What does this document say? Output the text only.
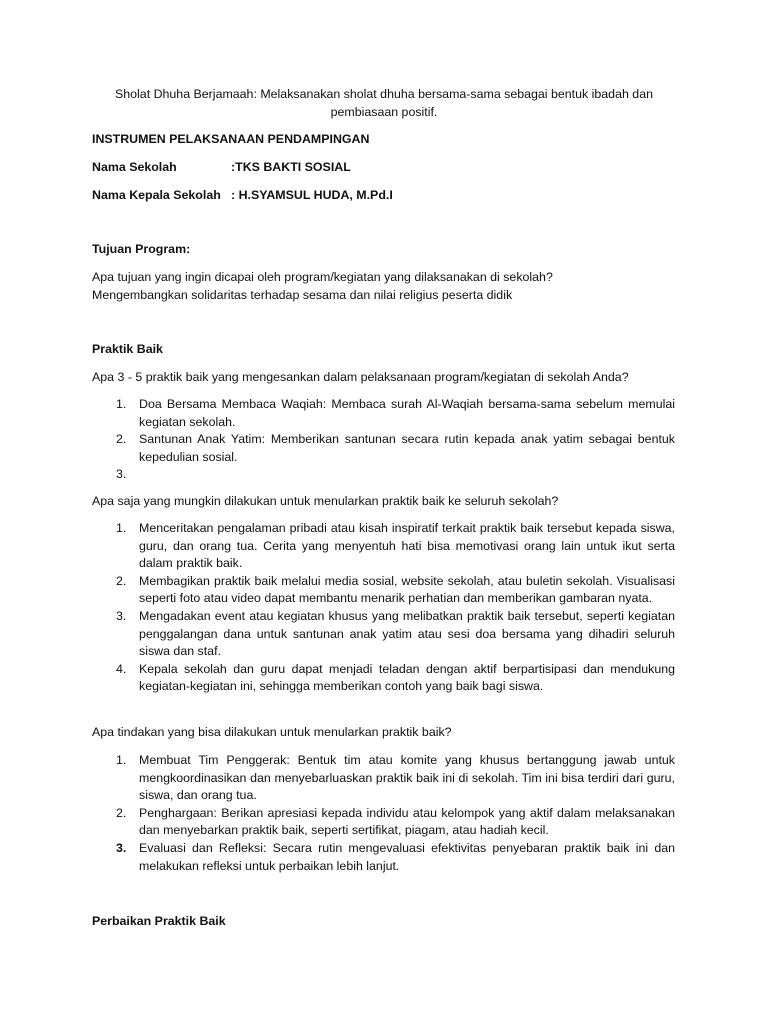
Sholat Dhuha Berjamaah: Melaksanakan sholat dhuha bersama-sama sebagai bentuk ibadah dan pembiasaan positif.

INSTRUMEN PELAKSANAAN PENDAMPINGAN

Nama Sekolah	:TKS BAKTI SOSIAL

Nama Kepala Sekolah : H.SYAMSUL HUDA, M.Pd.I

Tujuan Program:

Apa tujuan yang ingin dicapai oleh program/kegiatan yang dilaksanakan di sekolah?

Mengembangkan solidaritas terhadap sesama dan nilai religius peserta didik

Praktik Baik

Apa 3 - 5 praktik baik yang mengesankan dalam pelaksanaan program/kegiatan di sekolah Anda?

1.	Doa Bersama Membaca Waqiah: Membaca surah Al-Waqiah bersama-sama sebelum memulai kegiatan sekolah.
2.	Santunan Anak Yatim: Memberikan santunan secara rutin kepada anak yatim sebagai bentuk kepedulian sosial.
3.

Apa saja yang mungkin dilakukan untuk menularkan praktik baik ke seluruh sekolah?

1.	Menceritakan pengalaman pribadi atau kisah inspiratif terkait praktik baik tersebut kepada siswa, guru, dan orang tua. Cerita yang menyentuh hati bisa memotivasi orang lain untuk ikut serta dalam praktik baik.
2.	Membagikan praktik baik melalui media sosial, website sekolah, atau buletin sekolah. Visualisasi seperti foto atau video dapat membantu menarik perhatian dan memberikan gambaran nyata.
3.	Mengadakan event atau kegiatan khusus yang melibatkan praktik baik tersebut, seperti kegiatan penggalangan dana untuk santunan anak yatim atau sesi doa bersama yang dihadiri seluruh siswa dan staf.
4.	Kepala sekolah dan guru dapat menjadi teladan dengan aktif berpartisipasi dan mendukung kegiatan-kegiatan ini, sehingga memberikan contoh yang baik bagi siswa.

Apa tindakan yang bisa dilakukan untuk menularkan praktik baik?

1.	Membuat Tim Penggerak: Bentuk tim atau komite yang khusus bertanggung jawab untuk mengkoordinasikan dan menyebarluaskan praktik baik ini di sekolah. Tim ini bisa terdiri dari guru, siswa, dan orang tua.
2.	Penghargaan: Berikan apresiasi kepada individu atau kelompok yang aktif dalam melaksanakan dan menyebarkan praktik baik, seperti sertifikat, piagam, atau hadiah kecil.
3.	Evaluasi dan Refleksi: Secara rutin mengevaluasi efektivitas penyebaran praktik baik ini dan melakukan refleksi untuk perbaikan lebih lanjut.

Perbaikan Praktik Baik
